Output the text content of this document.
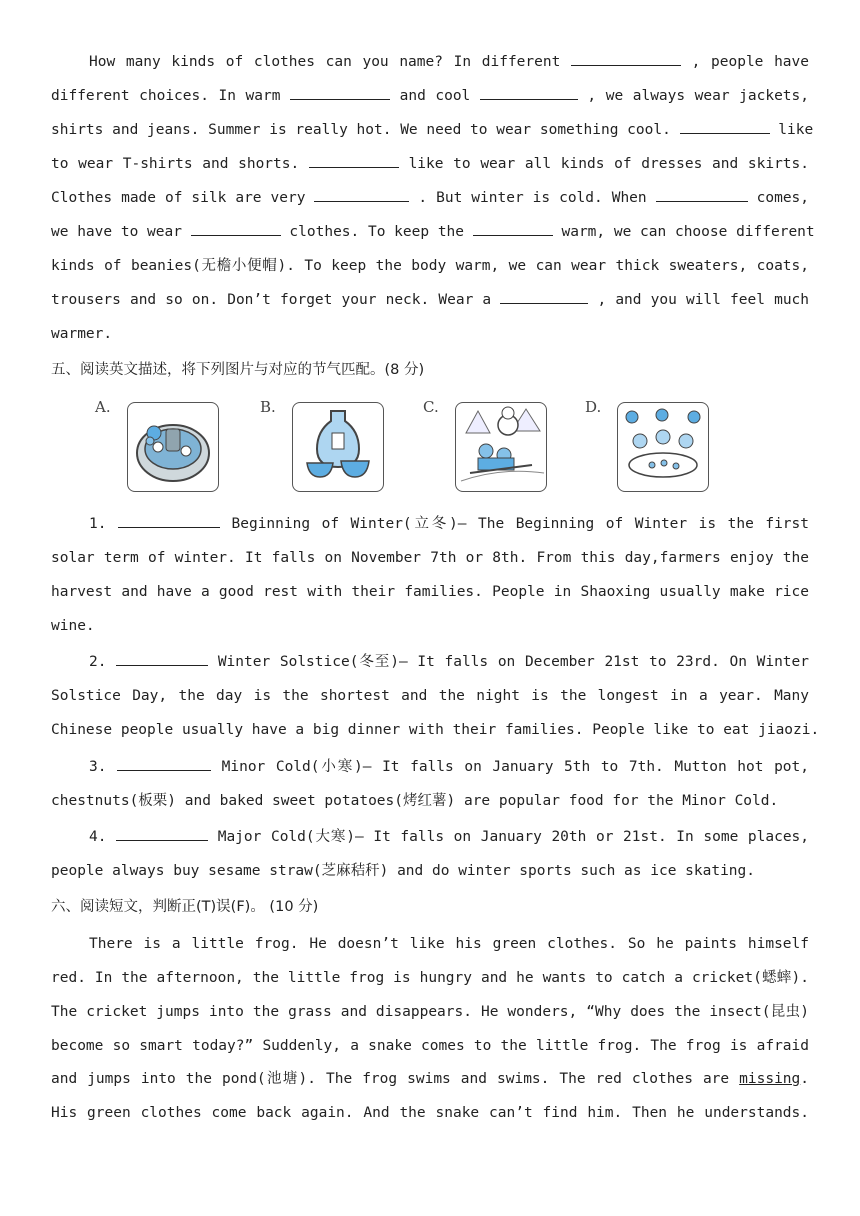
How many kinds of clothes can you name? In different	, people have
different choices. In warm	and cool	, we always wear jackets,
shirts and jeans. Summer is really hot. We need to wear something cool.	like
to wear T-shirts and shorts.	like to wear all kinds of dresses and skirts.
Clothes made of silk are very	. But winter is cold. When	comes,
we have to wear	clothes. To keep the	warm, we can choose different
kinds of beanies(无檐小便帽). To keep the body warm, we can wear thick sweaters, coats,
trousers and so on. Don’t forget your neck. Wear a	, and you will feel much
warmer.
五、阅读英文描述，将下列图片与对应的节气匹配。(8 分)
A.	B.	C.	D.
1.	Beginning of Winter(立冬)— The Beginning of Winter is the first
solar term of winter. It falls on November 7th or 8th. From this day,farmers enjoy the
harvest and have a good rest with their families. People in Shaoxing usually make rice
wine.
2.	Winter Solstice(冬至)— It falls on December 21st to 23rd. On Winter
Solstice Day, the day is the shortest and the night is the longest in a year. Many
Chinese people usually have a big dinner with their families. People like to eat jiaozi.
3.	Minor Cold(小寒)— It falls on January 5th to 7th. Mutton hot pot,
chestnuts(板栗) and baked sweet potatoes(烤红薯) are popular food for the Minor Cold.
4.	Major Cold(大寒)— It falls on January 20th or 21st. In some places,
people always buy sesame straw(芝麻秸秆) and do winter sports such as ice skating.
六、阅读短文，判断正(T)误(F)。 (10 分)
There is a little frog. He doesn’t like his green clothes. So he paints himself
red. In the afternoon, the little frog is hungry and he wants to catch a cricket(蟋蟀).
The cricket jumps into the grass and disappears. He wonders, “Why does the insect(昆虫)
become so smart today?” Suddenly, a snake comes to the little frog. The frog is afraid
and jumps into the pond(池塘). The frog swims and swims. The red clothes are missing.
His green clothes come back again. And the snake can’t find him. Then he understands.
